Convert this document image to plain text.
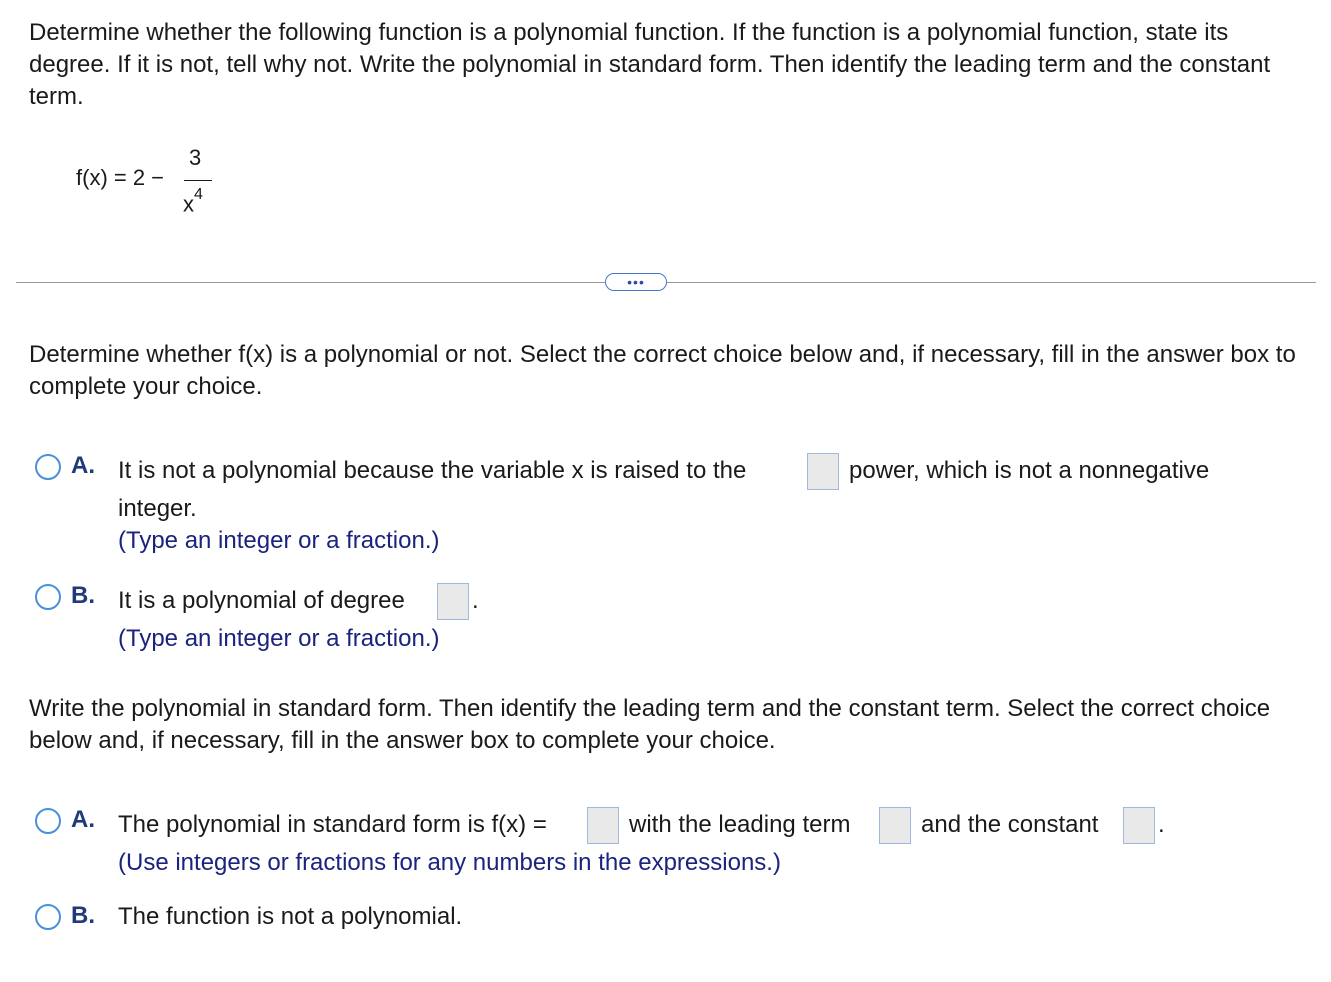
Determine whether the following function is a polynomial function. If the function is a polynomial function, state its degree. If it is not, tell why not. Write the polynomial in standard form. Then identify the leading term and the constant term.
f(x) = 2 −
3
$x^4$
•••
Determine whether f(x) is a polynomial or not. Select the correct choice below and, if necessary, fill in the answer box to complete your choice.
A. It is not a polynomial because the variable x is raised to the	power, which is not a nonnegative
integer.
(Type an integer or a fraction.)
B. It is a polynomial of degree	.
(Type an integer or a fraction.)
Write the polynomial in standard form. Then identify the leading term and the constant term. Select the correct choice below and, if necessary, fill in the answer box to complete your choice.
A. The polynomial in standard form is f(x) =	with the leading term	and the constant .
(Use integers or fractions for any numbers in the expressions.)
B. The function is not a polynomial.
